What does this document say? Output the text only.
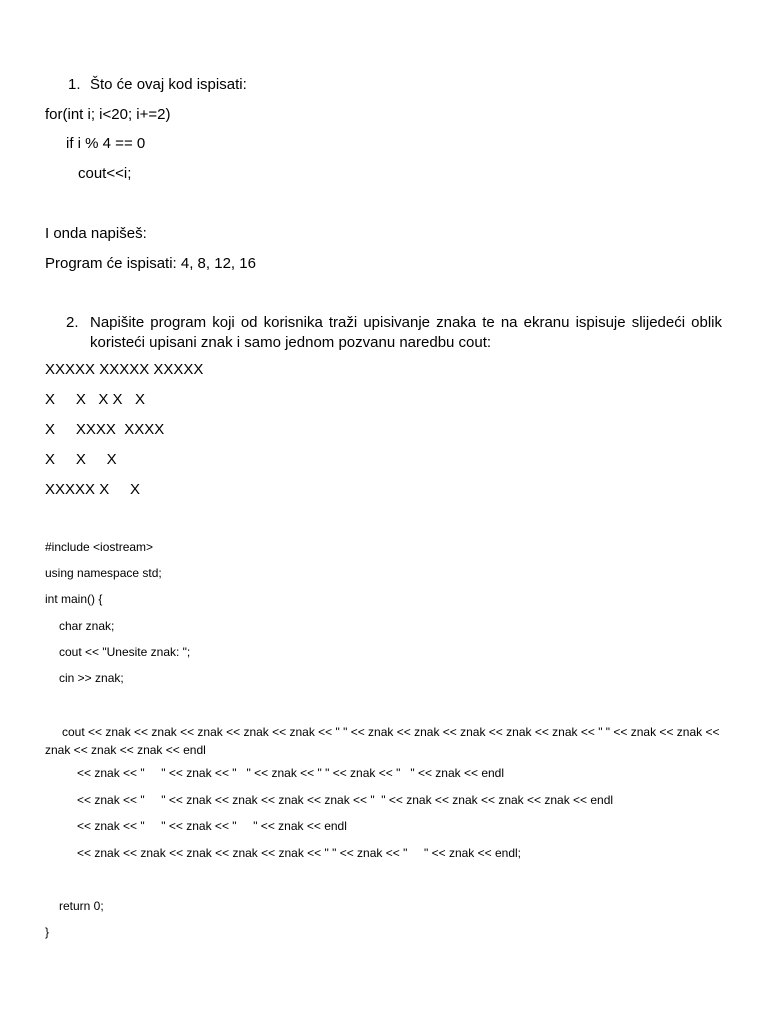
1. Što će ovaj kod ispisati:
for(int i; i<20; i+=2)
if i % 4 == 0
cout<<i;
I onda napišeš:
Program će ispisati: 4, 8, 12, 16
2. Napišite program koji od korisnika traži upisivanje znaka te na ekranu ispisuje slijedeći oblik koristeći upisani znak i samo jednom pozvanu naredbu cout:
XXXXX XXXXX XXXXX
X     X   X X   X
X     XXXX  XXXX
X     X     X
XXXXX X     X
#include <iostream>
using namespace std;
int main() {
char znak;
cout << "Unesite znak: ";
cin >> znak;
cout << znak << znak << znak << znak << znak << " " << znak << znak << znak << znak << znak << " " << znak << znak << znak << znak << znak << endl
<< znak << "     " << znak << "   " << znak << " " << znak << "   " << znak << endl
<< znak << "     " << znak << znak << znak << znak << "  " << znak << znak << znak << znak << endl
<< znak << "     " << znak << "     " << znak << endl
<< znak << znak << znak << znak << znak << " " << znak << "     " << znak << endl;
return 0;
}
